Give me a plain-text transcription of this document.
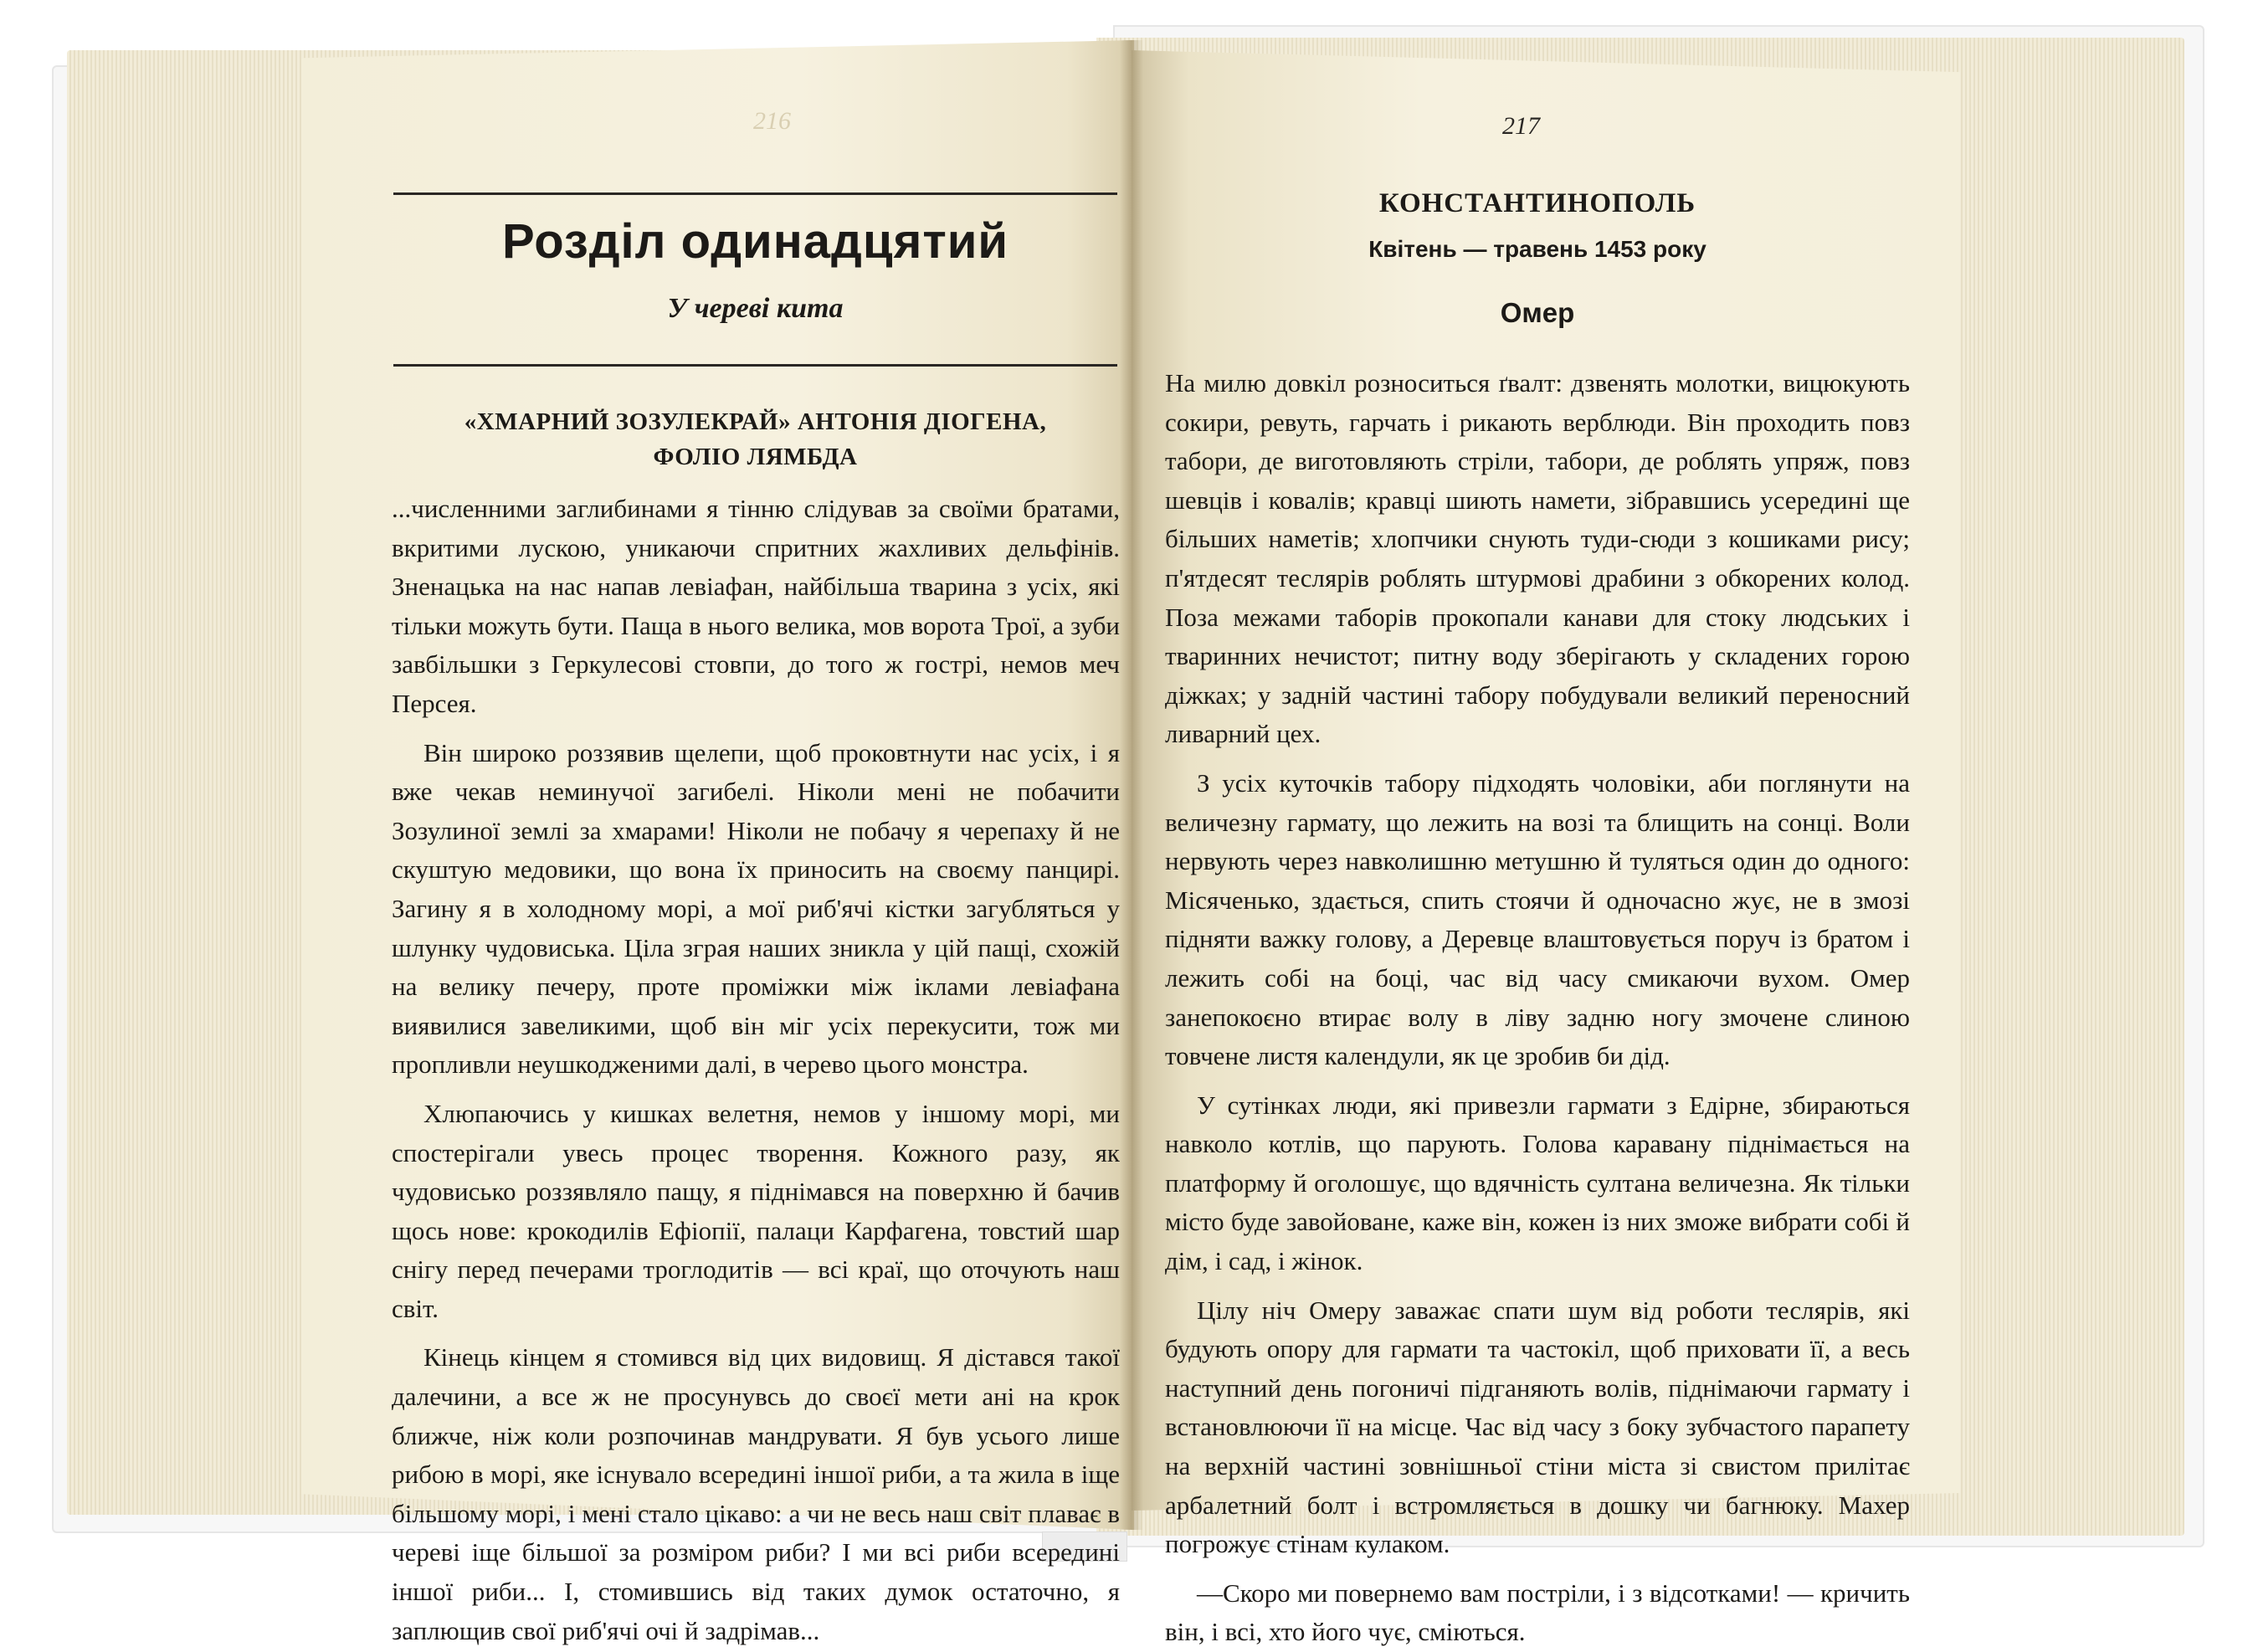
216
Розділ одинадцятий
У череві кита
«ХМАРНИЙ ЗОЗУЛЕКРАЙ» АНТОНІЯ ДІОГЕНА,
ФОЛІО ЛЯМБДА

...численними заглибинами я тінню слідував за своїми братами, вкритими лускою, уникаючи спритних жахливих дельфінів. Зненацька на нас напав левіафан, найбільша тварина з усіх, які тільки можуть бути. Паща в нього велика, мов ворота Трої, а зуби завбільшки з Геркулесові стовпи, до того ж гострі, немов меч Персея.

Він широко роззявив щелепи, щоб проковтнути нас усіх, і я вже чекав неминучої загибелі. Ніколи мені не побачити Зозулиної землі за хмарами! Ніколи не побачу я черепаху й не скуштую медовики, що вона їх приносить на своєму панцирі. Загину я в холодному морі, а мої риб'ячі кістки загубляться у шлунку чудовиська. Ціла зграя наших зникла у цій пащі, схожій на велику печеру, проте проміжки між іклами левіафана виявилися завеликими, щоб він міг усіх перекусити, тож ми пропливли неушкодженими далі, в черево цього монстра.

Хлюпаючись у кишках велетня, немов у іншому морі, ми спостерігали увесь процес творення. Кожного разу, як чудовисько роззявляло пащу, я піднімався на поверхню й бачив щось нове: крокодилів Ефіопії, палаци Карфагена, товстий шар снігу перед печерами троглодитів — всі краї, що оточують наш світ.

Кінець кінцем я стомився від цих видовищ. Я дістався такої далечини, а все ж не просунувсь до своєї мети ані на крок ближче, ніж коли розпочинав мандрувати. Я був усього лише рибою в морі, яке існувало всередині іншої риби, а та жила в іще більшому морі, і мені стало цікаво: а чи не весь наш світ плаває в череві іще більшої за розміром риби? І ми всі риби всередині іншої риби... І, стомившись від таких думок остаточно, я заплющив свої риб'ячі очі й задрімав...

217
КОНСТАНТИНОПОЛЬ
Квітень — травень 1453 року
Омер

На милю довкіл розноситься ґвалт: дзвенять молотки, вицюкують сокири, ревуть, гарчать і рикають верблюди. Він проходить повз табори, де виготовляють стріли, табори, де роблять упряж, повз шевців і ковалів; кравці шиють намети, зібравшись усередині ще більших наметів; хлопчики снують туди-сюди з кошиками рису; п'ятдесят теслярів роблять штурмові драбини з обкорених колод. Поза межами таборів прокопали канави для стоку людських і тваринних нечистот; питну воду зберігають у складених горою діжках; у задній частині табору побудували великий переносний ливарний цех.

З усіх куточків табору підходять чоловіки, аби поглянути на величезну гармату, що лежить на возі та блищить на сонці. Воли нервують через навколишню метушню й туляться один до одного: Місяченько, здається, спить стоячи й одночасно жує, не в змозі підняти важку голову, а Деревце влаштовується поруч із братом і лежить собі на боці, час від часу смикаючи вухом. Омер занепокоєно втирає волу в ліву задню ногу змочене слиною товчене листя календули, як це зробив би дід.

У сутінках люди, які привезли гармати з Едірне, збираються навколо котлів, що парують. Голова каравану піднімається на платформу й оголошує, що вдячність султана величезна. Як тільки місто буде завойоване, каже він, кожен із них зможе вибрати собі й дім, і сад, і жінок.

Цілу ніч Омеру заважає спати шум від роботи теслярів, які будують опору для гармати та частокіл, щоб приховати її, а весь наступний день погоничі підганяють волів, піднімаючи гармату і встановлюючи її на місце. Час від часу з боку зубчастого парапету на верхній частині зовнішньої стіни міста зі свистом прилітає арбалетний болт і встромляється в дошку чи багнюку. Махер погрожує стінам кулаком.

—Скоро ми повернемо вам постріли, і з відсотками! — кричить він, і всі, хто його чує, сміються.
